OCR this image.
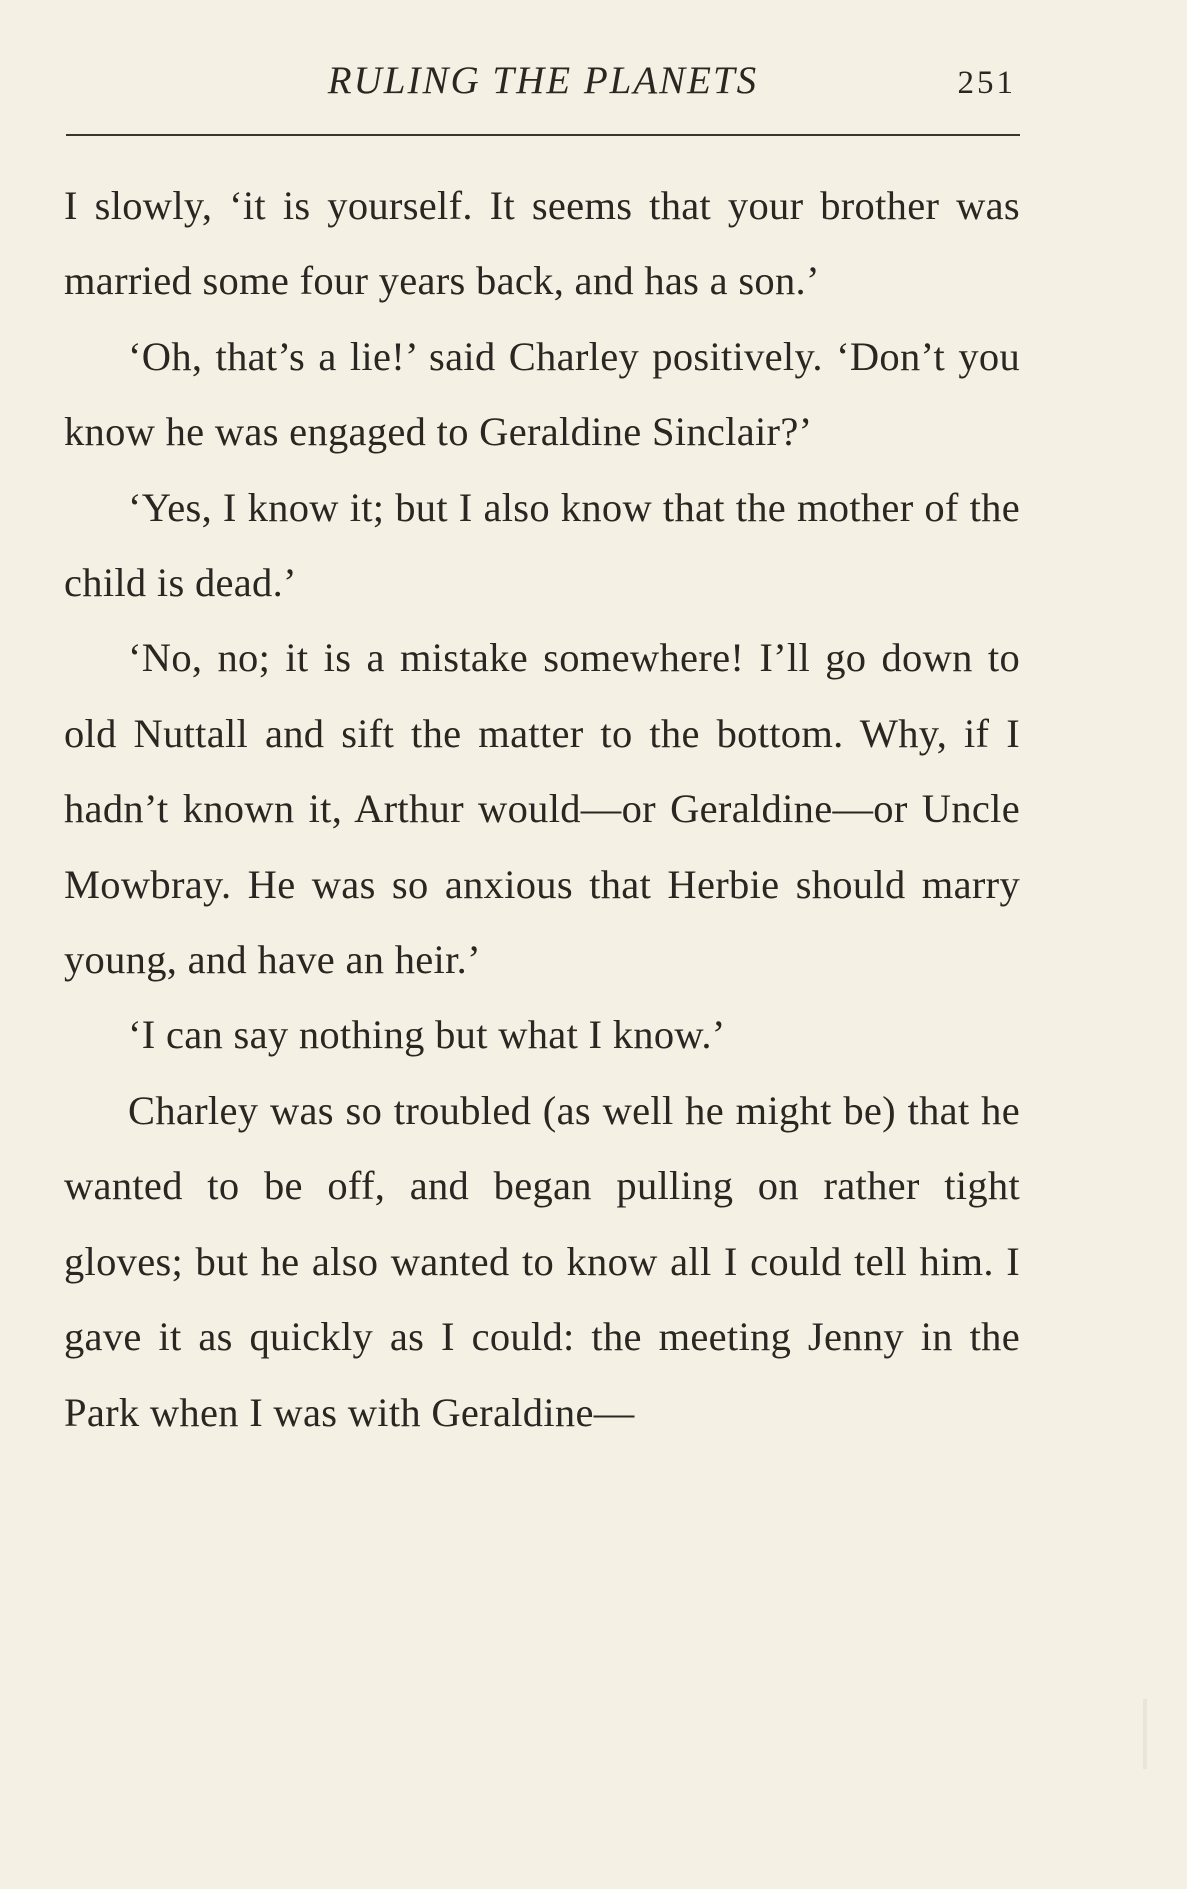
RULING THE PLANETS	251

I slowly, ‘it is yourself. It seems that your brother was married some four years back, and has a son.’

‘Oh, that’s a lie!’ said Charley positively. ‘Don’t you know he was engaged to Geraldine Sinclair?’

‘Yes, I know it; but I also know that the mother of the child is dead.’

‘No, no; it is a mistake somewhere! I’ll go down to old Nuttall and sift the matter to the bottom. Why, if I hadn’t known it, Arthur would—or Geraldine—or Uncle Mowbray. He was so anxious that Herbie should marry young, and have an heir.’

‘I can say nothing but what I know.’

Charley was so troubled (as well he might be) that he wanted to be off, and began pulling on rather tight gloves; but he also wanted to know all I could tell him. I gave it as quickly as I could: the meeting Jenny in the Park when I was with Geraldine—
